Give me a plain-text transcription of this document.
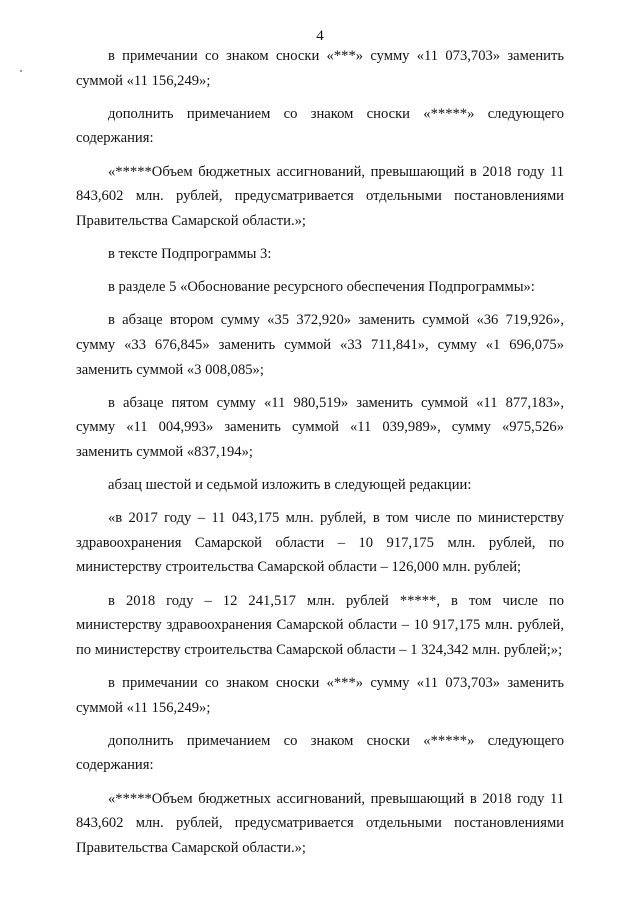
4

в примечании со знаком сноски «***» сумму «11 073,703» заменить суммой «11 156,249»;

дополнить примечанием со знаком сноски «*****» следующего содержания:

«*****Объем бюджетных ассигнований, превышающий в 2018 году 11 843,602 млн. рублей, предусматривается отдельными постановлениями Правительства Самарской области.»;

в тексте Подпрограммы 3:

в разделе 5 «Обоснование ресурсного обеспечения Подпрограммы»:

в абзаце втором сумму «35 372,920» заменить суммой «36 719,926», сумму «33 676,845» заменить суммой «33 711,841», сумму «1 696,075» заменить суммой «3 008,085»;

в абзаце пятом сумму «11 980,519» заменить суммой «11 877,183», сумму «11 004,993» заменить суммой «11 039,989», сумму «975,526» заменить суммой «837,194»;

абзац шестой и седьмой изложить в следующей редакции:

«в 2017 году – 11 043,175 млн. рублей, в том числе по министерству здравоохранения Самарской области – 10 917,175 млн. рублей, по министерству строительства Самарской области – 126,000 млн. рублей;

в 2018 году – 12 241,517 млн. рублей *****, в том числе по министерству здравоохранения Самарской области – 10 917,175 млн. рублей, по министерству строительства Самарской области – 1 324,342 млн. рублей;»;

в примечании со знаком сноски «***» сумму «11 073,703» заменить суммой «11 156,249»;

дополнить примечанием со знаком сноски «*****» следующего содержания:

«*****Объем бюджетных ассигнований, превышающий в 2018 году 11 843,602 млн. рублей, предусматривается отдельными постановлениями Правительства Самарской области.»;
